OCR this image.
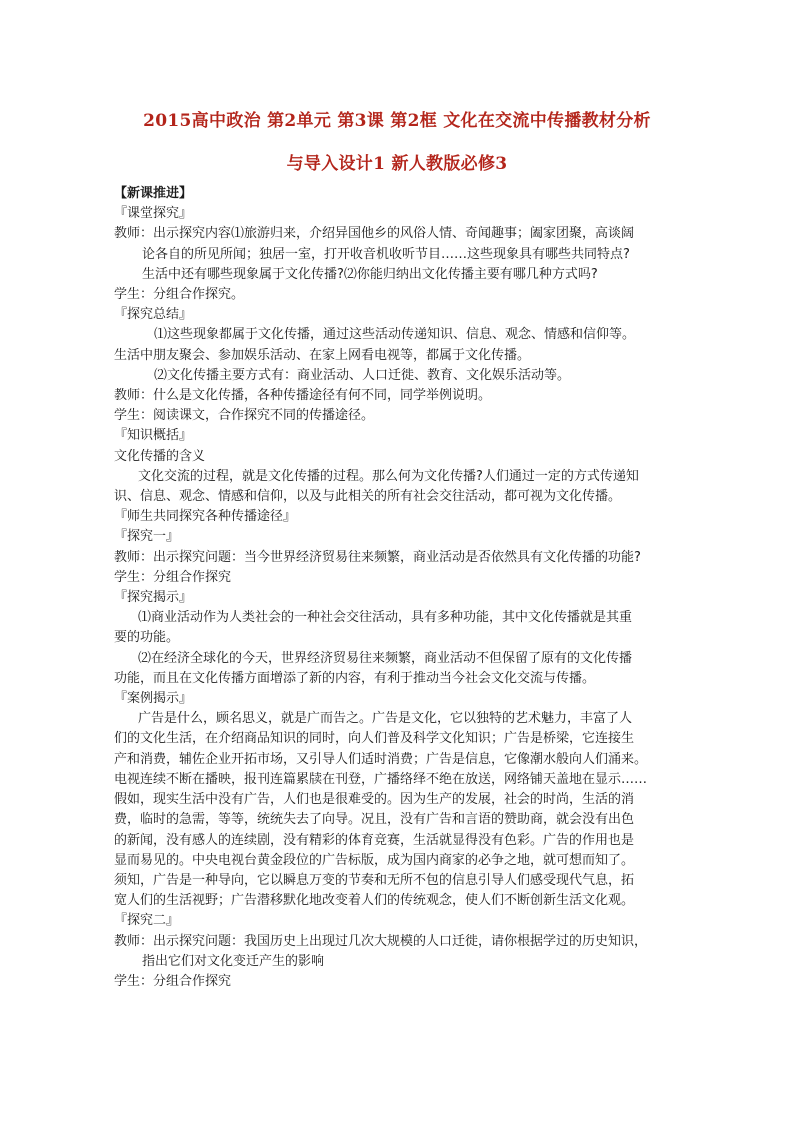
2015高中政治 第2单元 第3课 第2框 文化在交流中传播教材分析
与导入设计1 新人教版必修3

【新课推进】

『课堂探究』

教师：出示探究内容⑴旅游归来，介绍异国他乡的风俗人情、奇闻趣事；阖家团聚，高谈阔

论各自的所见所闻；独居一室，打开收音机收听节目……这些现象具有哪些共同特点?

生活中还有哪些现象属于文化传播?⑵你能归纳出文化传播主要有哪几种方式吗?

学生：分组合作探究。

『探究总结』

⑴这些现象都属于文化传播，通过这些活动传递知识、信息、观念、情感和信仰等。

生活中朋友聚会、参加娱乐活动、在家上网看电视等，都属于文化传播。

⑵文化传播主要方式有：商业活动、人口迁徙、教育、文化娱乐活动等。

教师：什么是文化传播，各种传播途径有何不同，同学举例说明。

学生：阅读课文，合作探究不同的传播途径。

『知识概括』

文化传播的含义

文化交流的过程，就是文化传播的过程。那么何为文化传播?人们通过一定的方式传递知

识、信息、观念、情感和信仰，以及与此相关的所有社会交往活动，都可视为文化传播。

『师生共同探究各种传播途径』

『探究一』

教师：出示探究问题：当今世界经济贸易往来频繁，商业活动是否依然具有文化传播的功能?

学生：分组合作探究

『探究揭示』

⑴商业活动作为人类社会的一种社会交往活动，具有多种功能，其中文化传播就是其重

要的功能。

⑵在经济全球化的今天，世界经济贸易往来频繁，商业活动不但保留了原有的文化传播

功能，而且在文化传播方面增添了新的内容，有利于推动当今社会文化交流与传播。

『案例揭示』

广告是什么，顾名思义，就是广而告之。广告是文化，它以独特的艺术魅力，丰富了人

们的文化生活，在介绍商品知识的同时，向人们普及科学文化知识；广告是桥梁，它连接生

产和消费，辅佐企业开拓市场，又引导人们适时消费；广告是信息，它像潮水般向人们涌来。

电视连续不断在播映，报刊连篇累牍在刊登，广播络绎不绝在放送，网络铺天盖地在显示……

假如，现实生活中没有广告，人们也是很难受的。因为生产的发展，社会的时尚，生活的消

费，临时的急需，等等，统统失去了向导。况且，没有广告和言语的赞助商，就会没有出色

的新闻，没有感人的连续剧，没有精彩的体育竞赛，生活就显得没有色彩。广告的作用也是

显而易见的。中央电视台黄金段位的广告标版，成为国内商家的必争之地，就可想而知了。

须知，广告是一种导向，它以瞬息万变的节奏和无所不包的信息引导人们感受现代气息，拓

宽人们的生活视野；广告潜移默化地改变着人们的传统观念，使人们不断创新生活文化观。

『探究二』

教师：出示探究问题：我国历史上出现过几次大规模的人口迁徙，请你根据学过的历史知识，

指出它们对文化变迁产生的影响

学生：分组合作探究
